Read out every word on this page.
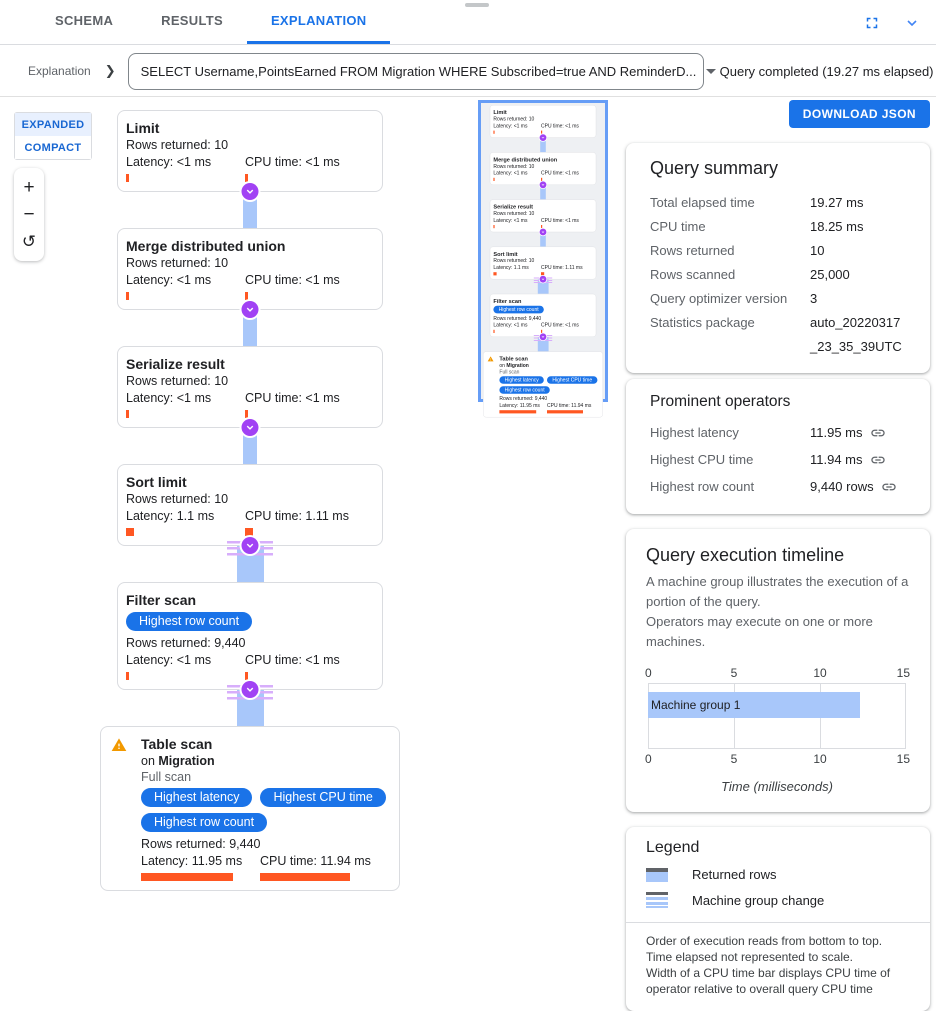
SCHEMA	RESULTS	EXPLANATION
Explanation ❯ SELECT Username,PointsEarned FROM Migration WHERE Subscribed=true AND ReminderD... Query completed (19.27 ms elapsed)
EXPANDED
COMPACT
+
−
↺
Limit
Rows returned: 10
Latency: <1 ms	CPU time: <1 ms
Merge distributed union
Rows returned: 10
Latency: <1 ms	CPU time: <1 ms
Serialize result
Rows returned: 10
Latency: <1 ms	CPU time: <1 ms
Sort limit
Rows returned: 10
Latency: 1.1 ms	CPU time: 1.11 ms
Filter scan
Highest row count
Rows returned: 9,440
Latency: <1 ms	CPU time: <1 ms
Table scan
on Migration
Full scan
Highest latency	Highest CPU time
Highest row count
Rows returned: 9,440
Latency: 11.95 ms	CPU time: 11.94 ms
Limit
Rows returned: 10
Latency: <1 ms	CPU time: <1 ms
Merge distributed union
Rows returned: 10
Latency: <1 ms	CPU time: <1 ms
Serialize result
Rows returned: 10
Latency: <1 ms	CPU time: <1 ms
Sort limit
Rows returned: 10
Latency: 1.1 ms CPU time: 1.11 ms
Filter scan
Highest row count
Rows returned: 9,440
Latency: <1 ms	CPU time: <1 ms
Table scan
on Migration
Full scan
Highest latency	Highest CPU time
Highest row count
Rows returned: 9,440
Latency: 11.95 ms CPU time: 11.94 ms
DOWNLOAD JSON
Query summary
Total elapsed time	19.27 ms
CPU time	18.25 ms
Rows returned	10
Rows scanned	25,000
Query optimizer version	3
Statistics package	auto_20220317_23_35_39UTC
Prominent operators
Highest latency	11.95 ms
Highest CPU time	11.94 ms
Highest row count	9,440 rows
Query execution timeline
A machine group illustrates the execution of a portion of the query.
Operators may execute on one or more machines.
0	5	10	15
Machine group 1
0	5	10	15
Time (milliseconds)
Legend
Returned rows
Machine group change
Order of execution reads from bottom to top.
Time elapsed not represented to scale.
Width of a CPU time bar displays CPU time of operator relative to overall query CPU time
